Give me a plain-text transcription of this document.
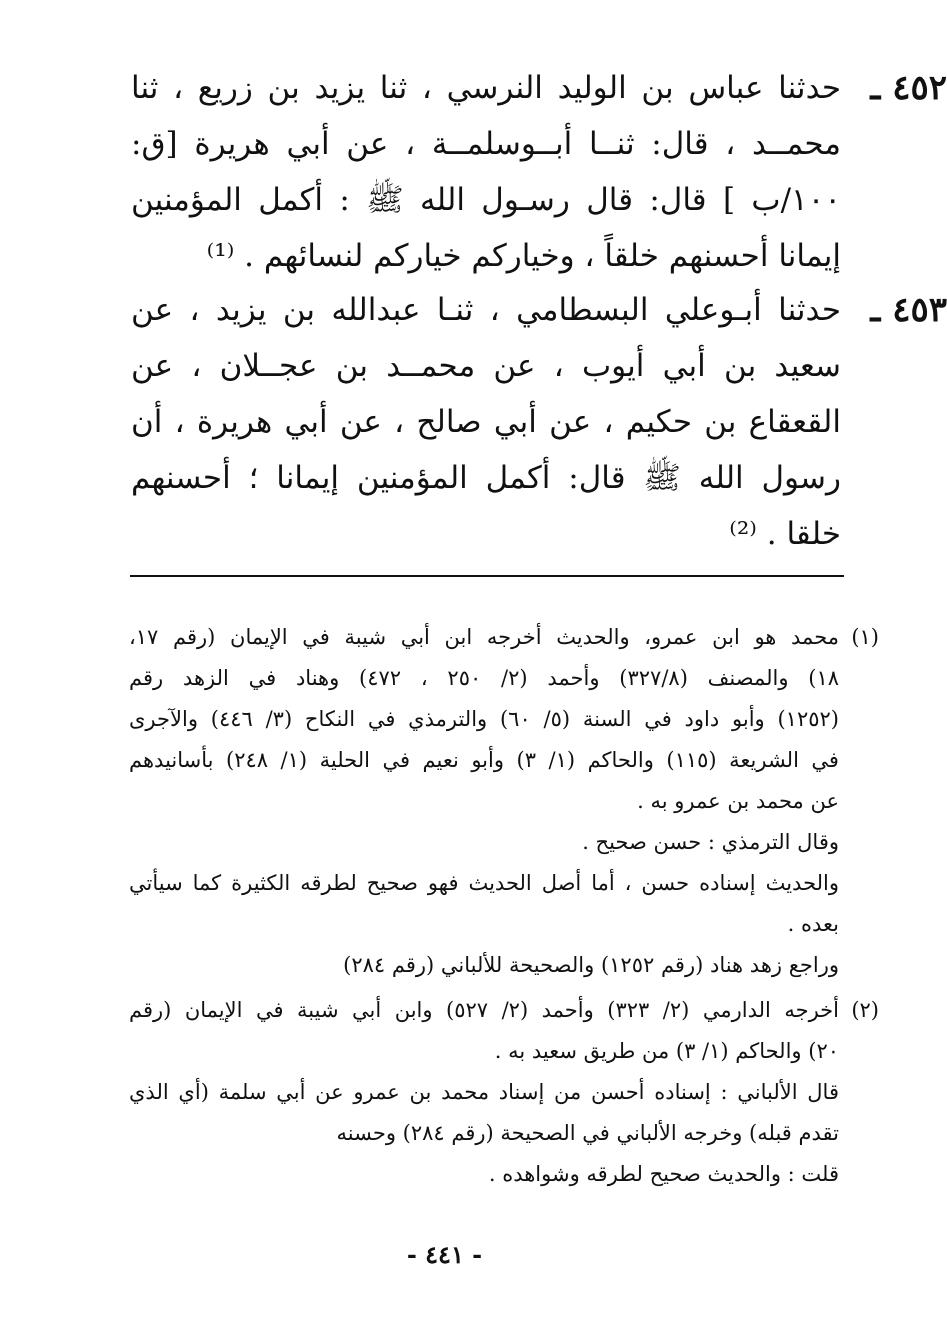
٤٥٢ ـ
حدثنا عباس بن الوليد النرسي ، ثنا يزيد بن زريع ، ثنا
محمــد ، قال: ثنــا أبــوسلمــة ، عن أبي هريرة [ق:
١٠٠/ب ] قال: قال رسـول الله ﷺ : أكمل المؤمنين
إيمانا أحسنهم خلقاً ، وخياركم خياركم لنسائهم . ⁽¹⁾
٤٥٣ ـ
حدثنا أبـوعلي البسطامي ، ثنـا عبدالله بن يزيد ، عن
سعيد بن أبي أيوب ، عن محمــد بن عجــلان ، عن
القعقاع بن حكيم ، عن أبي صالح ، عن أبي هريرة ، أن
رسول الله ﷺ قال: أكمل المؤمنين إيمانا ؛ أحسنهم
خلقا . ⁽²⁾
(١)
محمد هو ابن عمرو، والحديث أخرجه ابن أبي شيبة في الإيمان (رقم ١٧،
١٨) والمصنف (٣٢٧/٨) وأحمد (٢/ ٢٥٠ ، ٤٧٢) وهناد في الزهد رقم
(١٢٥٢) وأبو داود في السنة (٥/ ٦٠) والترمذي في النكاح (٣/ ٤٤٦) والآجرى
في الشريعة (١١٥) والحاكم (١/ ٣) وأبو نعيم في الحلية (١/ ٢٤٨) بأسانيدهم
عن محمد بن عمرو به .
وقال الترمذي : حسن صحيح .
والحديث إسناده حسن ، أما أصل الحديث فهو صحيح لطرقه الكثيرة كما سيأتي
بعده .
وراجع زهد هناد (رقم ١٢٥٢) والصحيحة للألباني (رقم ٢٨٤)
(٢)
أخرجه الدارمي (٢/ ٣٢٣) وأحمد (٢/ ٥٢٧) وابن أبي شيبة في الإيمان (رقم
٢٠) والحاكم (١/ ٣) من طريق سعيد به .
قال الألباني : إسناده أحسن من إسناد محمد بن عمرو عن أبي سلمة (أي الذي
تقدم قبله) وخرجه الألباني في الصحيحة (رقم ٢٨٤) وحسنه
قلت : والحديث صحيح لطرقه وشواهده .
- ٤٤١ -
